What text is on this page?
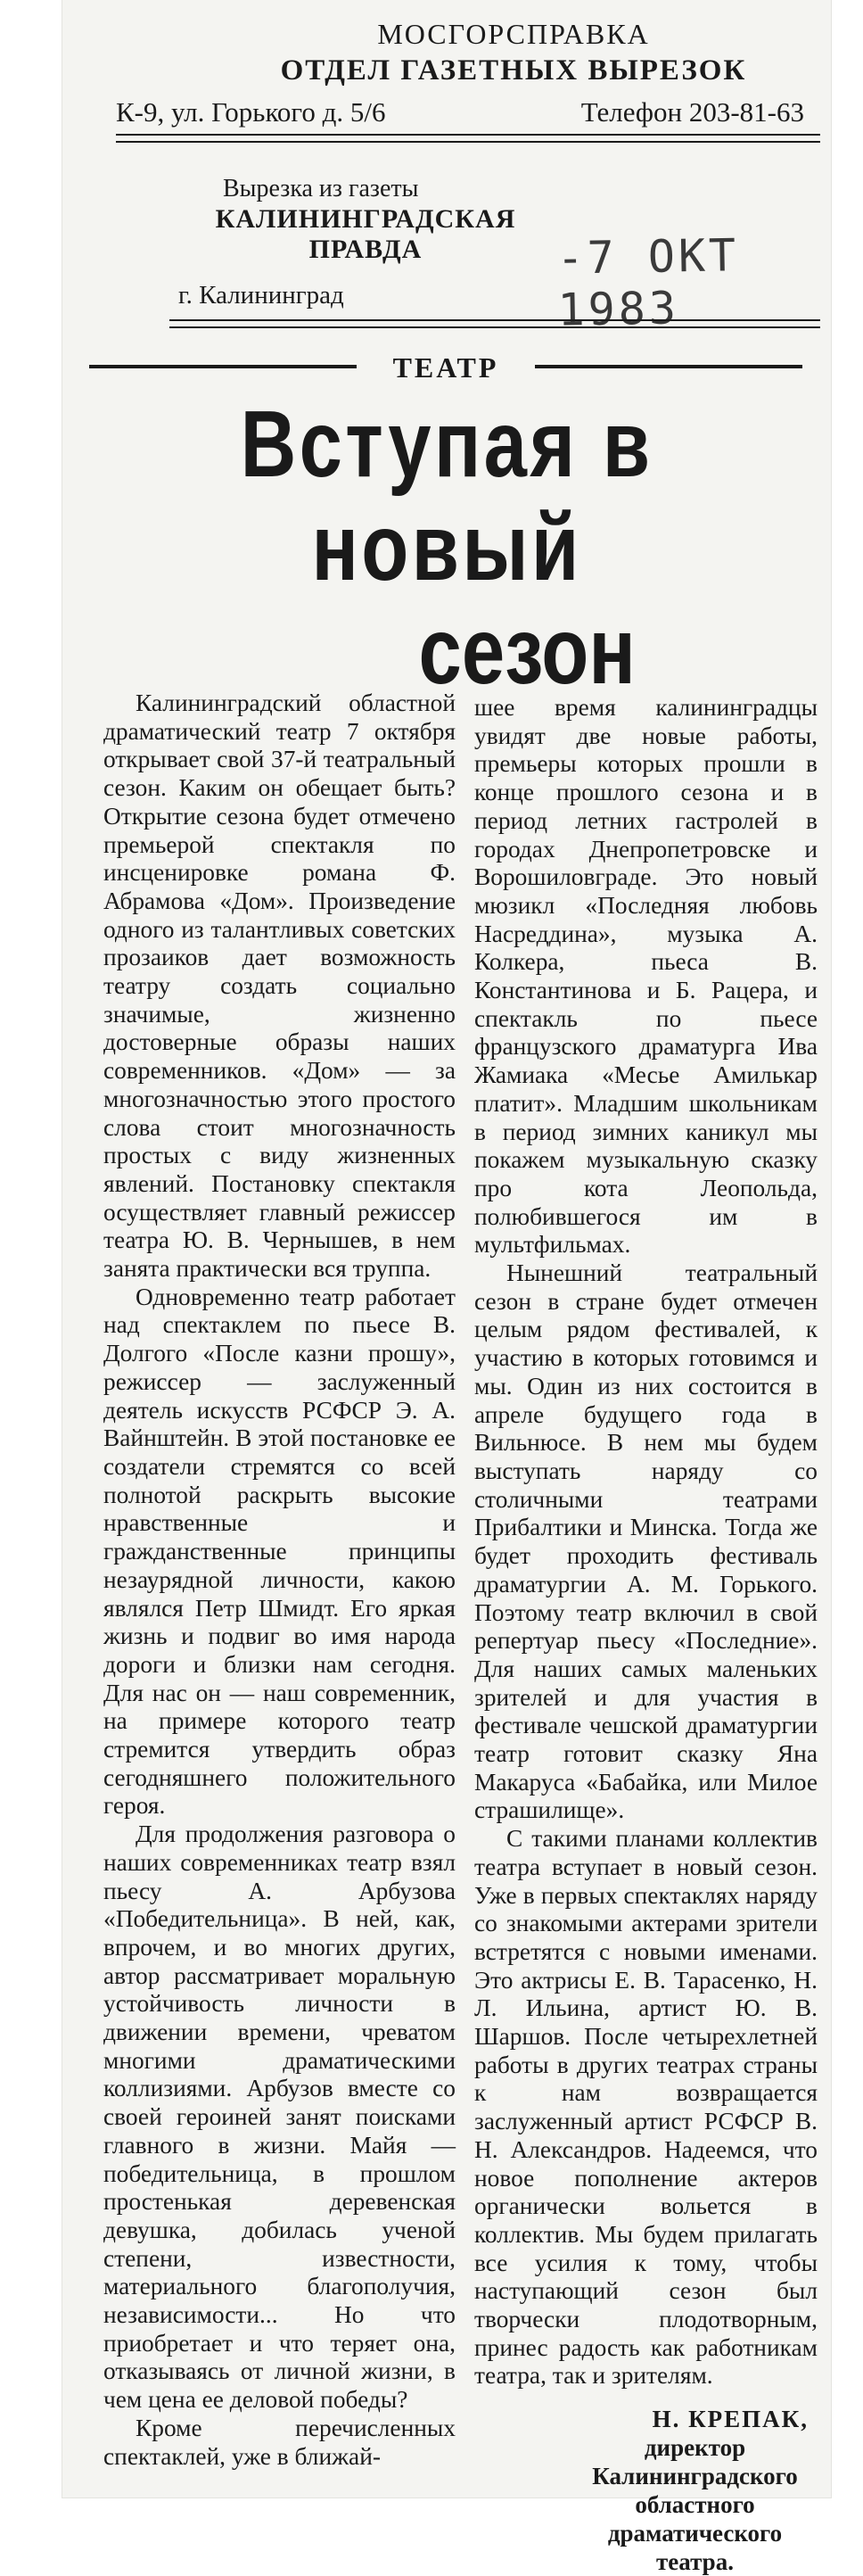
МОСГОРСПРАВКА
ОТДЕЛ ГАЗЕТНЫХ ВЫРЕЗОК
К-9, ул. Горького д. 5/6	Телефон 203-81-63
Вырезка из газеты
КАЛИНИНГРАДСКАЯ
ПРАВДА
г. Калининград
-7 ОКТ 1983
ТЕАТР
Вступая в новый
сезон

Калининградский областной драматический театр 7 октября открывает свой 37-й театральный сезон. Каким он обещает быть? Открытие сезона будет отмечено премьерой спектакля по инсценировке романа Ф. Абрамова «Дом». Произведение одного из талантливых советских прозаиков дает возможность театру создать социально значимые, жизненно достоверные образы наших современников. «Дом» — за многозначностью этого простого слова стоит многозначность простых с виду жизненных явлений. Постановку спектакля осуществляет главный режиссер театра Ю. В. Чернышев, в нем занята практически вся труппа.

Одновременно театр работает над спектаклем по пьесе В. Долгого «После казни прошу», режиссер — заслуженный деятель искусств РСФСР Э. А. Вайнштейн. В этой постановке ее создатели стремятся со всей полнотой раскрыть высокие нравственные и гражданственные принципы незаурядной личности, какою являлся Петр Шмидт. Его яркая жизнь и подвиг во имя народа дороги и близки нам сегодня. Для нас он — наш современник, на примере которого театр стремится утвердить образ сегодняшнего положительного героя.

Для продолжения разговора о наших современниках театр взял пьесу А. Арбузова «Победительница». В ней, как, впрочем, и во многих других, автор рассматривает моральную устойчивость личности в движении времени, чреватом многими драматическими коллизиями. Арбузов вместе со своей героиней занят поисками главного в жизни. Майя — победительница, в прошлом простенькая деревенская девушка, добилась ученой степени, известности, материального благополучия, независимости... Но что приобретает и что теряет она, отказываясь от личной жизни, в чем цена ее деловой победы?

Кроме перечисленных спектаклей, уже в ближай-

шее время калининградцы увидят две новые работы, премьеры которых прошли в конце прошлого сезона и в период летних гастролей в городах Днепропетровске и Ворошиловграде. Это новый мюзикл «Последняя любовь Насреддина», музыка А. Колкера, пьеса В. Константинова и Б. Рацера, и спектакль по пьесе французского драматурга Ива Жамиака «Месье Амилькар платит». Младшим школьникам в период зимних каникул мы покажем музыкальную сказку про кота Леопольда, полюбившегося им в мультфильмах.

Нынешний театральный сезон в стране будет отмечен целым рядом фестивалей, к участию в которых готовимся и мы. Один из них состоится в апреле будущего года в Вильнюсе. В нем мы будем выступать наряду со столичными театрами Прибалтики и Минска. Тогда же будет проходить фестиваль драматургии А. М. Горького. Поэтому театр включил в свой репертуар пьесу «Последние». Для наших самых маленьких зрителей и для участия в фестивале чешской драматургии театр готовит сказку Яна Макаруса «Бабайка, или Милое страшилище».

С такими планами коллектив театра вступает в новый сезон. Уже в первых спектаклях наряду со знакомыми актерами зрители встретятся с новыми именами. Это актрисы Е. В. Тарасенко, Н. Л. Ильина, артист Ю. В. Шаршов. После четырехлетней работы в других театрах страны к нам возвращается заслуженный артист РСФСР В. Н. Александров. Надеемся, что новое пополнение актеров органически вольется в коллектив. Мы будем прилагать все усилия к тому, чтобы наступающий сезон был творчески плодотворным, принес радость как работникам театра, так и зрителям.

Н. КРЕПАК,
директор
Калининградского
областного
драматического театра.
